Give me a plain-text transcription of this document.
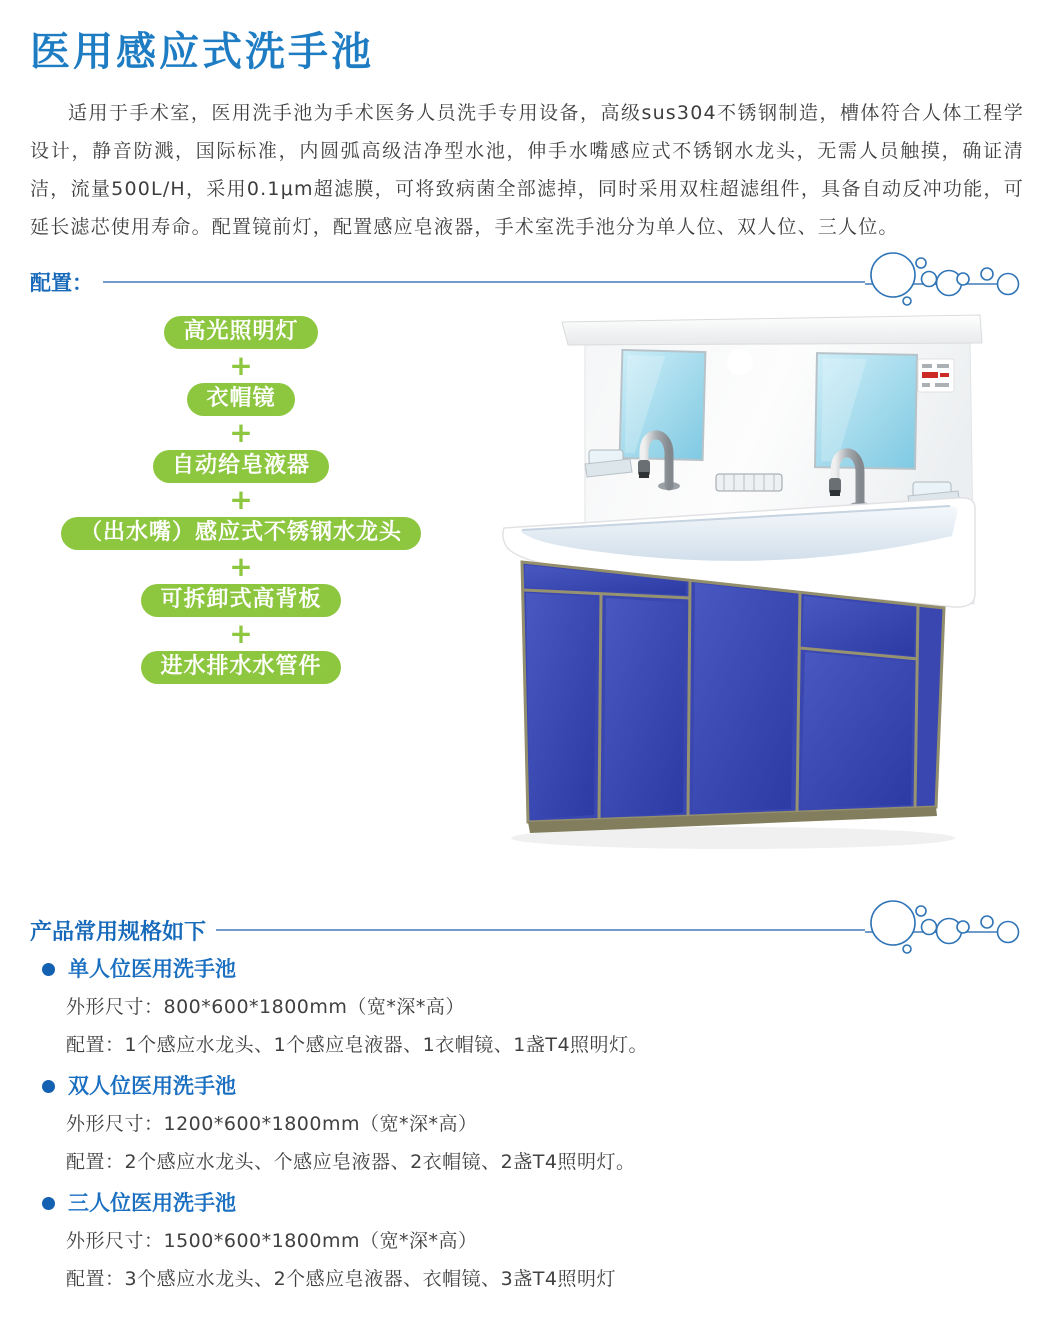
医用感应式洗手池

适用于手术室，医用洗手池为手术医务人员洗手专用设备，高级sus304不锈钢制造，槽体符合人体工程学设计，静音防溅，国际标准，内圆弧高级洁净型水池，伸手水嘴感应式不锈钢水龙头，无需人员触摸，确证清洁，流量500L/H，采用0.1μm超滤膜，可将致病菌全部滤掉，同时采用双柱超滤组件，具备自动反冲功能，可延长滤芯使用寿命。配置镜前灯，配置感应皂液器，手术室洗手池分为单人位、双人位、三人位。

配置：
高光照明灯
+
衣帽镜
+
自动给皂液器
+
（出水嘴）感应式不锈钢水龙头
+
可拆卸式高背板
+
进水排水水管件
产品常用规格如下
单人位医用洗手池
外形尺寸：800*600*1800mm（宽*深*高）
配置：1个感应水龙头、1个感应皂液器、1衣帽镜、1盏T4照明灯。
双人位医用洗手池
外形尺寸：1200*600*1800mm（宽*深*高）
配置：2个感应水龙头、个感应皂液器、2衣帽镜、2盏T4照明灯。
三人位医用洗手池
外形尺寸：1500*600*1800mm（宽*深*高）
配置：3个感应水龙头、2个感应皂液器、衣帽镜、3盏T4照明灯
